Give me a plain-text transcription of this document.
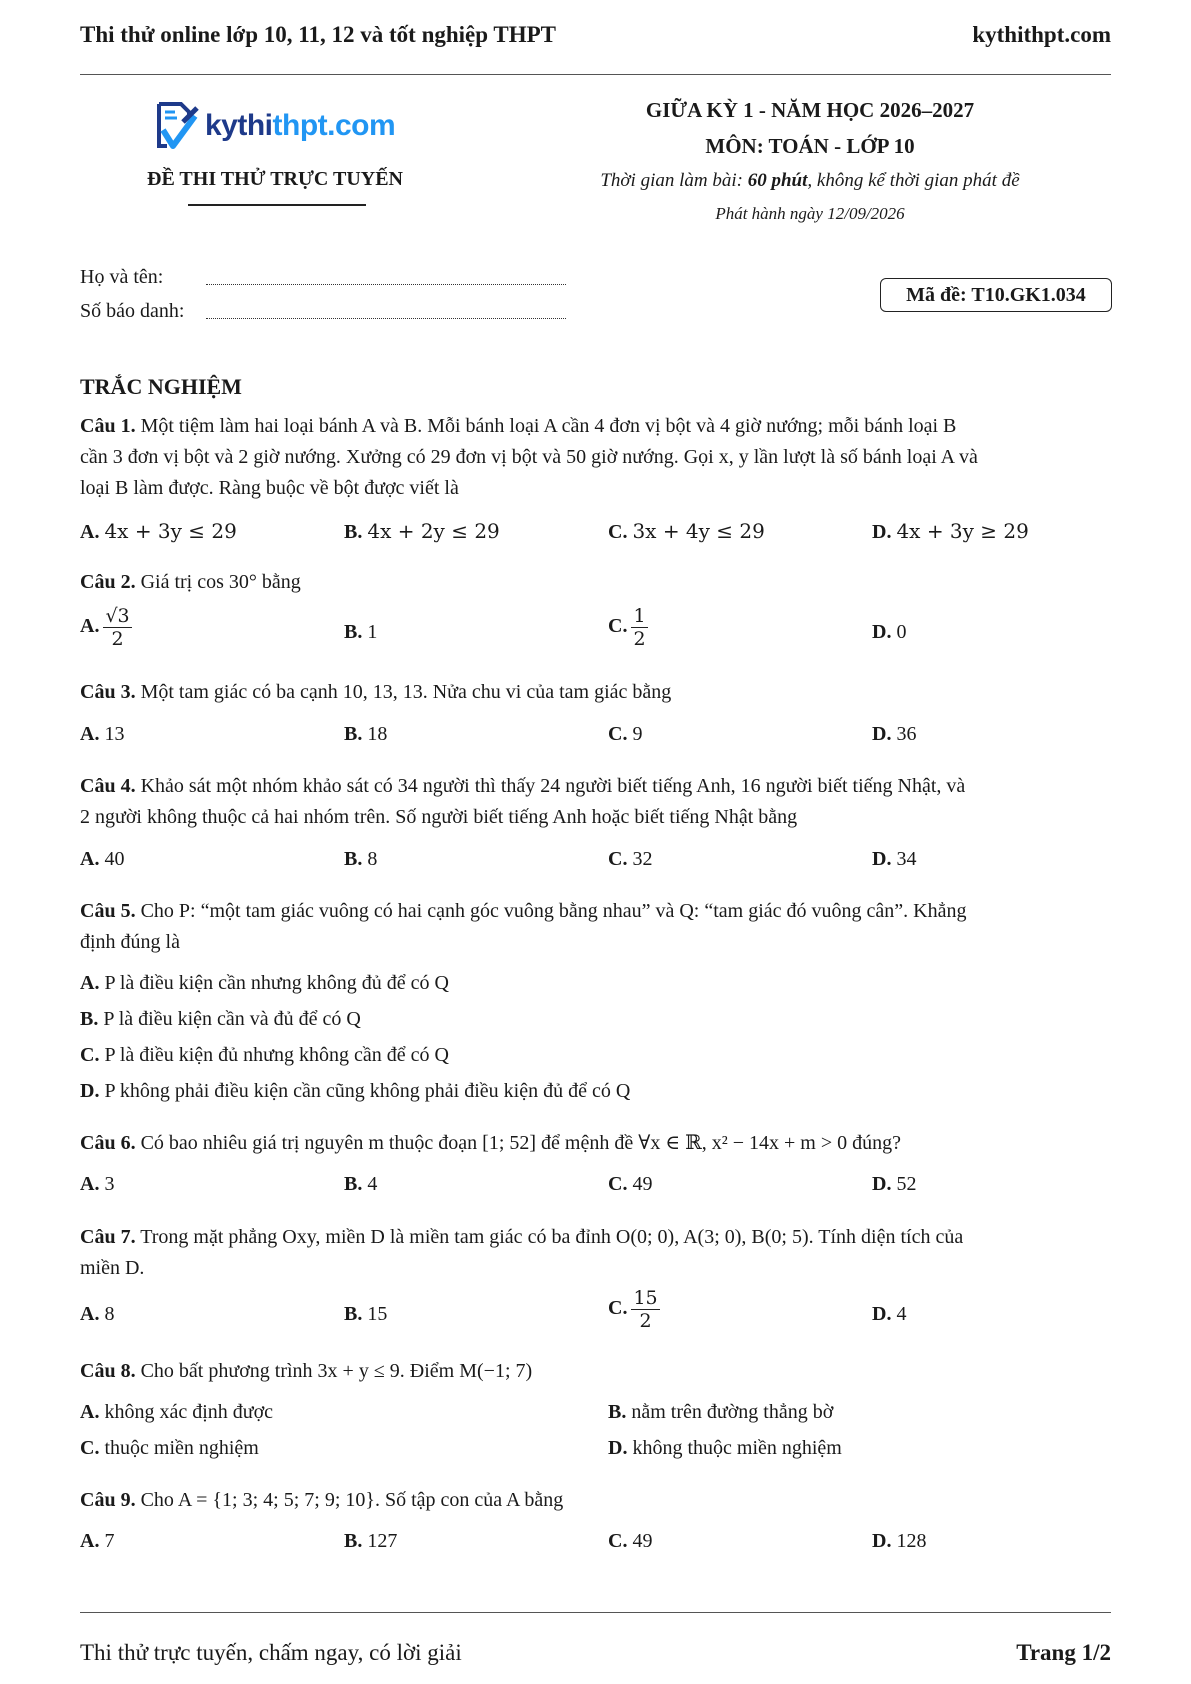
Thi thử online lớp 10, 11, 12 và tốt nghiệp THPT	kythithpt.com
kythithpt.com
ĐỀ THI THỬ TRỰC TUYẾN
GIỮA KỲ 1 - NĂM HỌC 2026–2027
MÔN: TOÁN - LỚP 10
Thời gian làm bài: 60 phút, không kể thời gian phát đề
Phát hành ngày 12/09/2026
Họ và tên:
Số báo danh:
Mã đề: T10.GK1.034
TRẮC NGHIỆM
Câu 1. Một tiệm làm hai loại bánh A và B. Mỗi bánh loại A cần 4 đơn vị bột và 4 giờ nướng; mỗi bánh loại B
cần 3 đơn vị bột và 2 giờ nướng. Xưởng có 29 đơn vị bột và 50 giờ nướng. Gọi x, y lần lượt là số bánh loại A và
loại B làm được. Ràng buộc về bột được viết là
A. 4x + 3y ≤ 29	B. 4x + 2y ≤ 29	C. 3x + 4y ≤ 29	D. 4x + 3y ≥ 29
Câu 2. Giá trị cos 30° bằng
A. $\frac{√3}{2}$	B. 1	C. $\frac{1}{2}$	D. 0
Câu 3. Một tam giác có ba cạnh 10, 13, 13. Nửa chu vi của tam giác bằng
A. 13	B. 18	C. 9	D. 36
Câu 4. Khảo sát một nhóm khảo sát có 34 người thì thấy 24 người biết tiếng Anh, 16 người biết tiếng Nhật, và
2 người không thuộc cả hai nhóm trên. Số người biết tiếng Anh hoặc biết tiếng Nhật bằng
A. 40	B. 8	C. 32	D. 34
Câu 5. Cho P: “một tam giác vuông có hai cạnh góc vuông bằng nhau” và Q: “tam giác đó vuông cân”. Khẳng
định đúng là
A. P là điều kiện cần nhưng không đủ để có Q
B. P là điều kiện cần và đủ để có Q
C. P là điều kiện đủ nhưng không cần để có Q
D. P không phải điều kiện cần cũng không phải điều kiện đủ để có Q
Câu 6. Có bao nhiêu giá trị nguyên m thuộc đoạn [1; 52] để mệnh đề ∀x ∈ ℝ, x² − 14x + m > 0 đúng?
A. 3	B. 4	C. 49	D. 52
Câu 7. Trong mặt phẳng Oxy, miền D là miền tam giác có ba đỉnh O(0; 0), A(3; 0), B(0; 5). Tính diện tích của
miền D.
A. 8	B. 15	C. $\frac{15}{2}$	D. 4
Câu 8. Cho bất phương trình 3x + y ≤ 9. Điểm M(−1; 7)
A. không xác định được	B. nằm trên đường thẳng bờ
C. thuộc miền nghiệm	D. không thuộc miền nghiệm
Câu 9. Cho A = {1; 3; 4; 5; 7; 9; 10}. Số tập con của A bằng
A. 7	B. 127	C. 49	D. 128
Thi thử trực tuyến, chấm ngay, có lời giải	Trang 1/2
